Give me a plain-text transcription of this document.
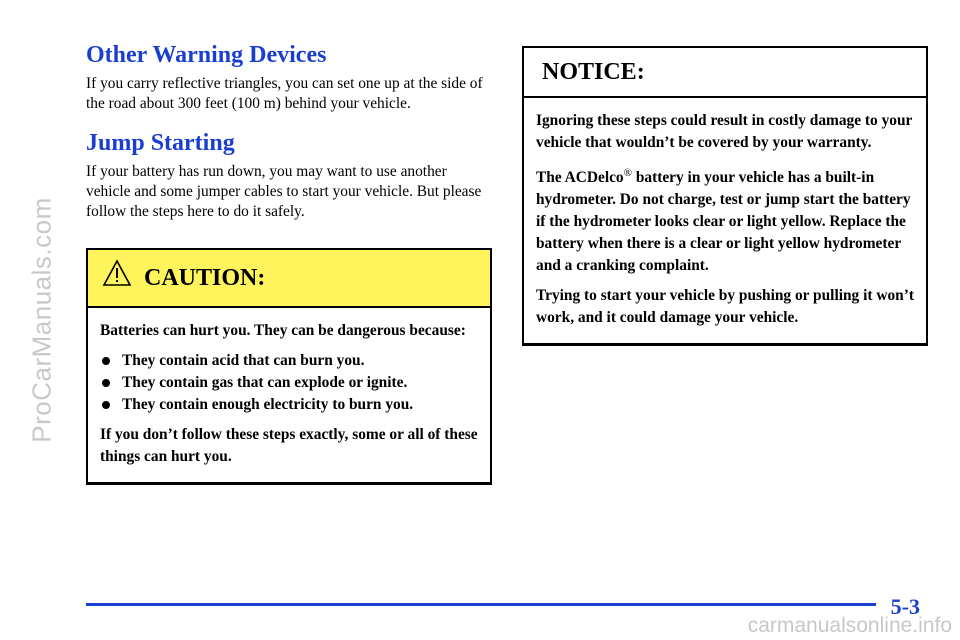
ProCarManuals.com
Other Warning Devices

If you carry reflective triangles, you can set one up at the side of the road about 300 feet (100 m) behind your vehicle.

Jump Starting

If your battery has run down, you may want to use another vehicle and some jumper cables to start your vehicle. But please follow the steps here to do it safely.

CAUTION:

Batteries can hurt you. They can be dangerous because:

They contain acid that can burn you.
They contain gas that can explode or ignite.
They contain enough electricity to burn you.

If you don’t follow these steps exactly, some or all of these things can hurt you.

NOTICE:

Ignoring these steps could result in costly damage to your vehicle that wouldn’t be covered by your warranty.

The ACDelco® battery in your vehicle has a built-in hydrometer. Do not charge, test or jump start the battery if the hydrometer looks clear or light yellow. Replace the battery when there is a clear or light yellow hydrometer and a cranking complaint.

Trying to start your vehicle by pushing or pulling it won’t work, and it could damage your vehicle.

5-3
carmanualsonline.info
